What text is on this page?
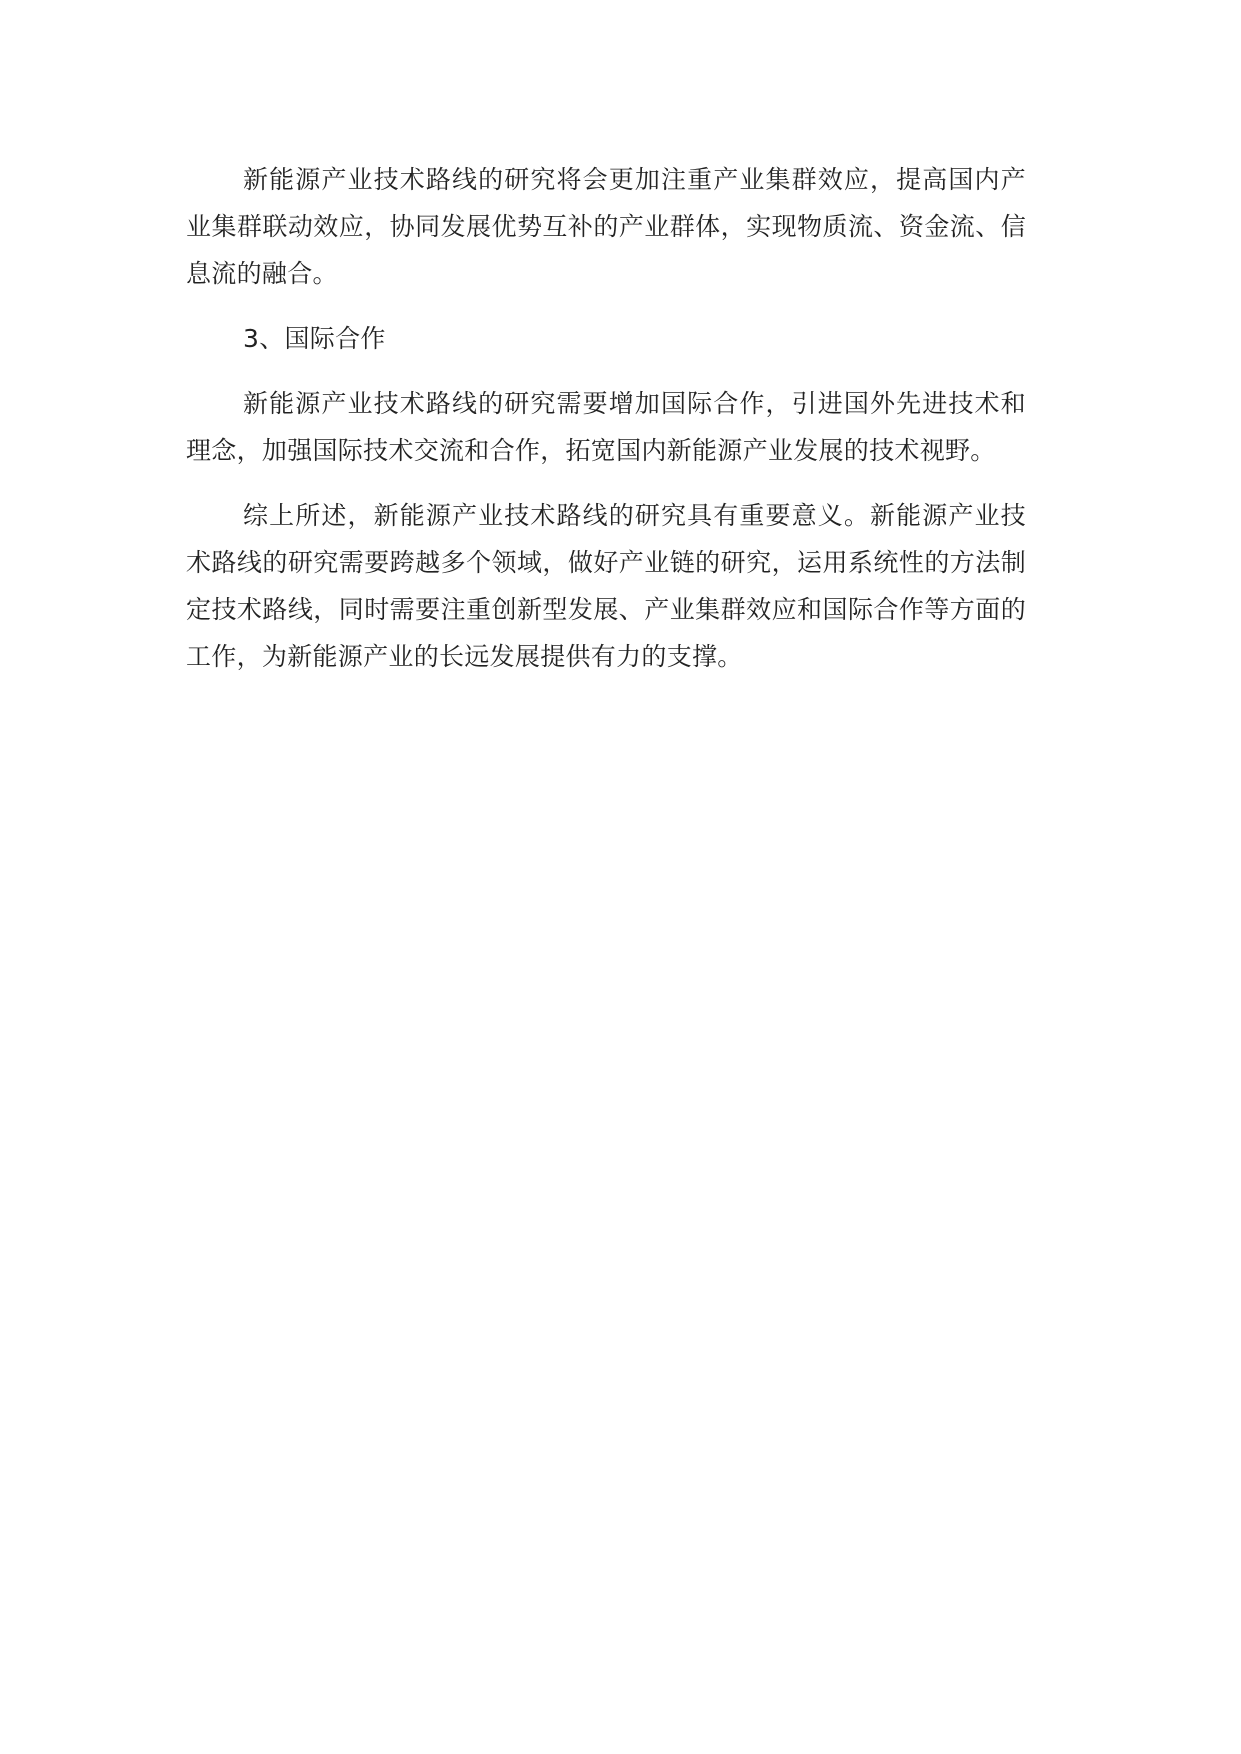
新能源产业技术路线的研究将会更加注重产业集群效应，提高国内产业集群联动效应，协同发展优势互补的产业群体，实现物质流、资金流、信息流的融合。

3、国际合作

新能源产业技术路线的研究需要增加国际合作，引进国外先进技术和理念，加强国际技术交流和合作，拓宽国内新能源产业发展的技术视野。

综上所述，新能源产业技术路线的研究具有重要意义。新能源产业技术路线的研究需要跨越多个领域，做好产业链的研究，运用系统性的方法制定技术路线，同时需要注重创新型发展、产业集群效应和国际合作等方面的工作，为新能源产业的长远发展提供有力的支撑。
